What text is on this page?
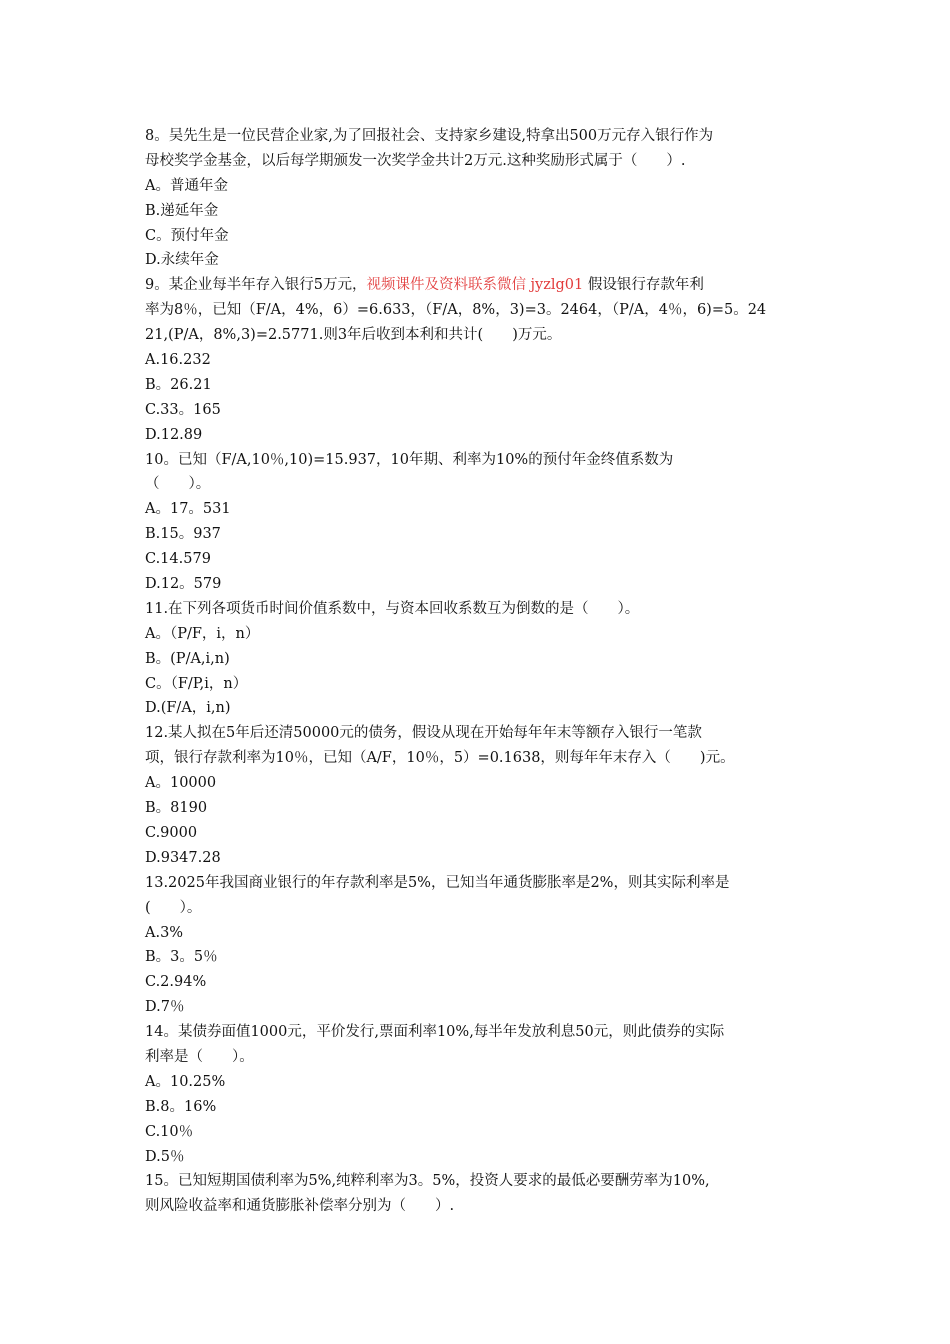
8。吴先生是一位民营企业家,为了回报社会、支持家乡建设,特拿出500万元存入银行作为
母校奖学金基金，以后每学期颁发一次奖学金共计2万元.这种奖励形式属于（　　）.
A。普通年金
B.递延年金
C。预付年金
D.永续年金
9。某企业每半年存入银行5万元，视频课件及资料联系微信 jyzlg01 假设银行存款年利
率为8％，已知（F/A，4%，6）=6.633，（F/A，8%，3)=3。2464，（P/A，4％，6)=5。24
21,(P/A，8%,3)=2.5771.则3年后收到本利和共计(　　)万元。
A.16.232
B。26.21
C.33。165
D.12.89
10。已知（F/A,10％,10)=15.937，10年期、利率为10%的预付年金终值系数为
（　　）。
A。17。531
B.15。937
C.14.579
D.12。579
11.在下列各项货币时间价值系数中，与资本回收系数互为倒数的是（　　）。
A。（P/F，i，n）
B。(P/A,i,n)
C。（F/P,i，n）
D.(F/A，i,n)
12.某人拟在5年后还清50000元的债务，假设从现在开始每年年末等额存入银行一笔款
项，银行存款利率为10％，已知（A/F，10％，5）=0.1638，则每年年末存入（　　)元。
A。10000
B。8190
C.9000
D.9347.28
13.2025年我国商业银行的年存款利率是5%，已知当年通货膨胀率是2%，则其实际利率是
(　　）。
A.3%
B。3。5％
C.2.94%
D.7％
14。某债券面值1000元，平价发行,票面利率10%,每半年发放利息50元，则此债券的实际
利率是（　　）。
A。10.25%
B.8。16%
C.10％
D.5％
15。已知短期国债利率为5%,纯粹利率为3。5%，投资人要求的最低必要酬劳率为10%,
则风险收益率和通货膨胀补偿率分别为（　　）.
